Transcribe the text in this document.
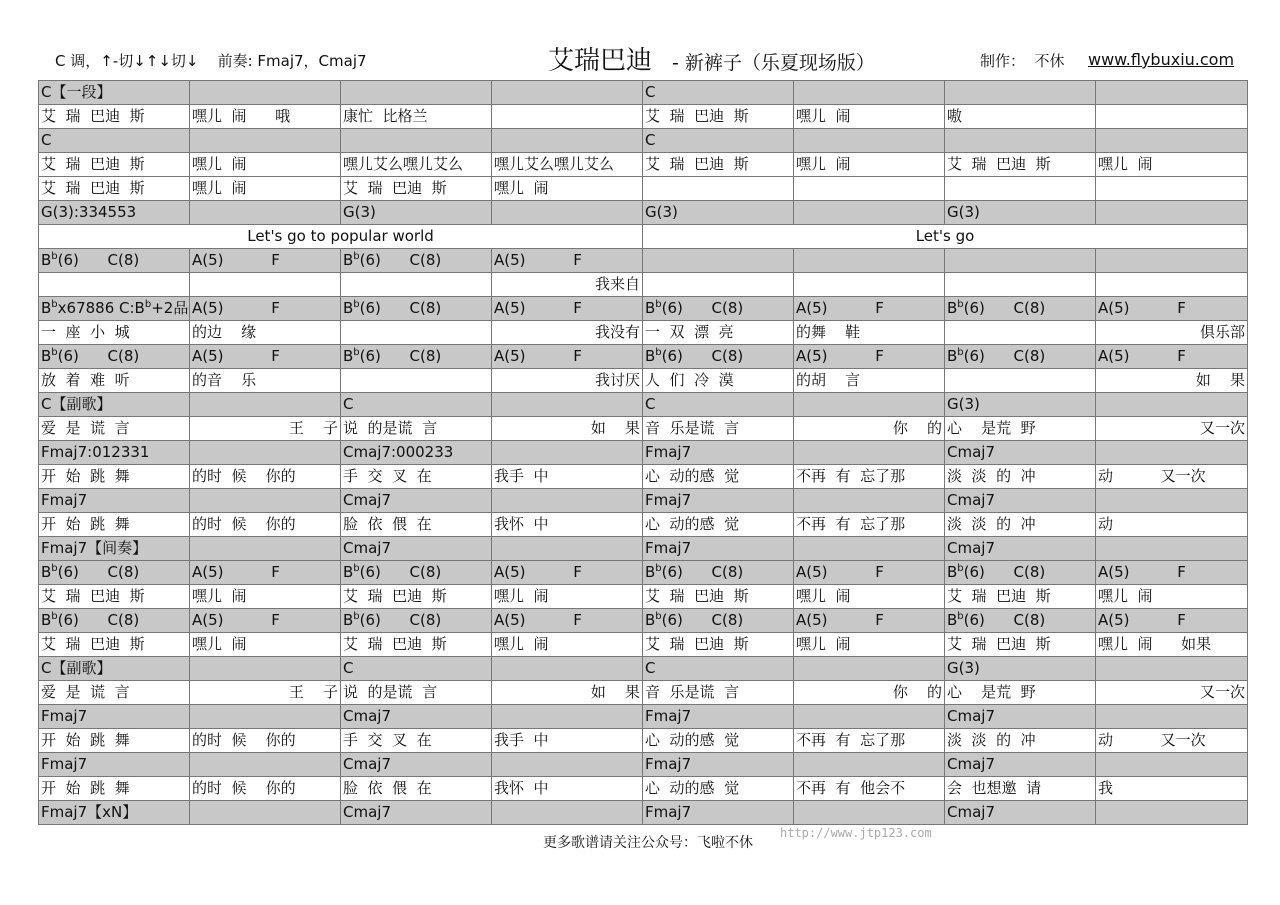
C 调，↑-切↓↑↓切↓ 前奏: Fmaj7，Cmaj7	艾瑞巴迪 - 新裤子（乐夏现场版）	制作：  不休 www.flybuxiu.com
C【一段】				C			
艾  瑞  巴迪  斯	嘿儿  闹      哦	康忙  比格兰		艾  瑞  巴迪  斯	嘿儿  闹	嗷	
C				C			
艾  瑞  巴迪  斯	嘿儿  闹	嘿儿艾么嘿儿艾么	嘿儿艾么嘿儿艾么	艾  瑞  巴迪  斯	嘿儿  闹	艾  瑞  巴迪  斯	嘿儿  闹
艾  瑞  巴迪  斯	嘿儿  闹	艾  瑞  巴迪  斯	嘿儿  闹				
G(3):334553		G(3)		G(3)		G(3)	
Let's go to popular world				Let's go			
$B^b(6)$      C(8)	A(5)          F	$B^b(6)$      C(8)	A(5)          F				
			我来自				
$B^bx67886$ $C:B^b+2$品	A(5)          F	$B^b(6)$      C(8)	A(5)          F	$B^b(6)$      C(8)	A(5)          F	$B^b(6)$      C(8)	A(5)          F
一  座  小  城	的边    缘		我没有	一  双  漂  亮	的舞    鞋		俱乐部
$B^b(6)$      C(8)	A(5)          F	$B^b(6)$      C(8)	A(5)          F	$B^b(6)$      C(8)	A(5)          F	$B^b(6)$      C(8)	A(5)          F
放  着  难  听	的音    乐		我讨厌	人  们  冷  漠	的胡    言		如    果
C【副歌】		C		C		G(3)	
爱  是  谎  言	王    子	说  的是谎  言	如    果	音  乐是谎  言	你    的	心    是荒  野	又一次
Fmaj7:012331		Cmaj7:000233		Fmaj7		Cmaj7	
开  始  跳  舞	的时  候    你的	手  交  叉  在	我手  中	心  动的感  觉	不再  有  忘了那	淡  淡  的  冲	动          又一次
Fmaj7		Cmaj7		Fmaj7		Cmaj7	
开  始  跳  舞	的时  候    你的	脸  依  偎  在	我怀  中	心  动的感  觉	不再  有  忘了那	淡  淡  的  冲	动
Fmaj7【间奏】		Cmaj7		Fmaj7		Cmaj7	
$B^b(6)$      C(8)	A(5)          F	$B^b(6)$      C(8)	A(5)          F	$B^b(6)$      C(8)	A(5)          F	$B^b(6)$      C(8)	A(5)          F
艾  瑞  巴迪  斯	嘿儿  闹	艾  瑞  巴迪  斯	嘿儿  闹	艾  瑞  巴迪  斯	嘿儿  闹	艾  瑞  巴迪  斯	嘿儿  闹
$B^b(6)$      C(8)	A(5)          F	$B^b(6)$      C(8)	A(5)          F	$B^b(6)$      C(8)	A(5)          F	$B^b(6)$      C(8)	A(5)          F
艾  瑞  巴迪  斯	嘿儿  闹	艾  瑞  巴迪  斯	嘿儿  闹	艾  瑞  巴迪  斯	嘿儿  闹	艾  瑞  巴迪  斯	嘿儿  闹      如果
C【副歌】		C		C		G(3)	
爱  是  谎  言	王    子	说  的是谎  言	如    果	音  乐是谎  言	你    的	心    是荒  野	又一次
Fmaj7		Cmaj7		Fmaj7		Cmaj7	
开  始  跳  舞	的时  候    你的	手  交  叉  在	我手  中	心  动的感  觉	不再  有  忘了那	淡  淡  的  冲	动          又一次
Fmaj7		Cmaj7		Fmaj7		Cmaj7	
开  始  跳  舞	的时  候    你的	脸  依  偎  在	我怀  中	心  动的感  觉	不再  有  他会不	会  也想邀  请	我
Fmaj7【xN】		Cmaj7		Fmaj7		Cmaj7	
更多歌谱请关注公众号：飞啦不休
http://www.jtp123.com
